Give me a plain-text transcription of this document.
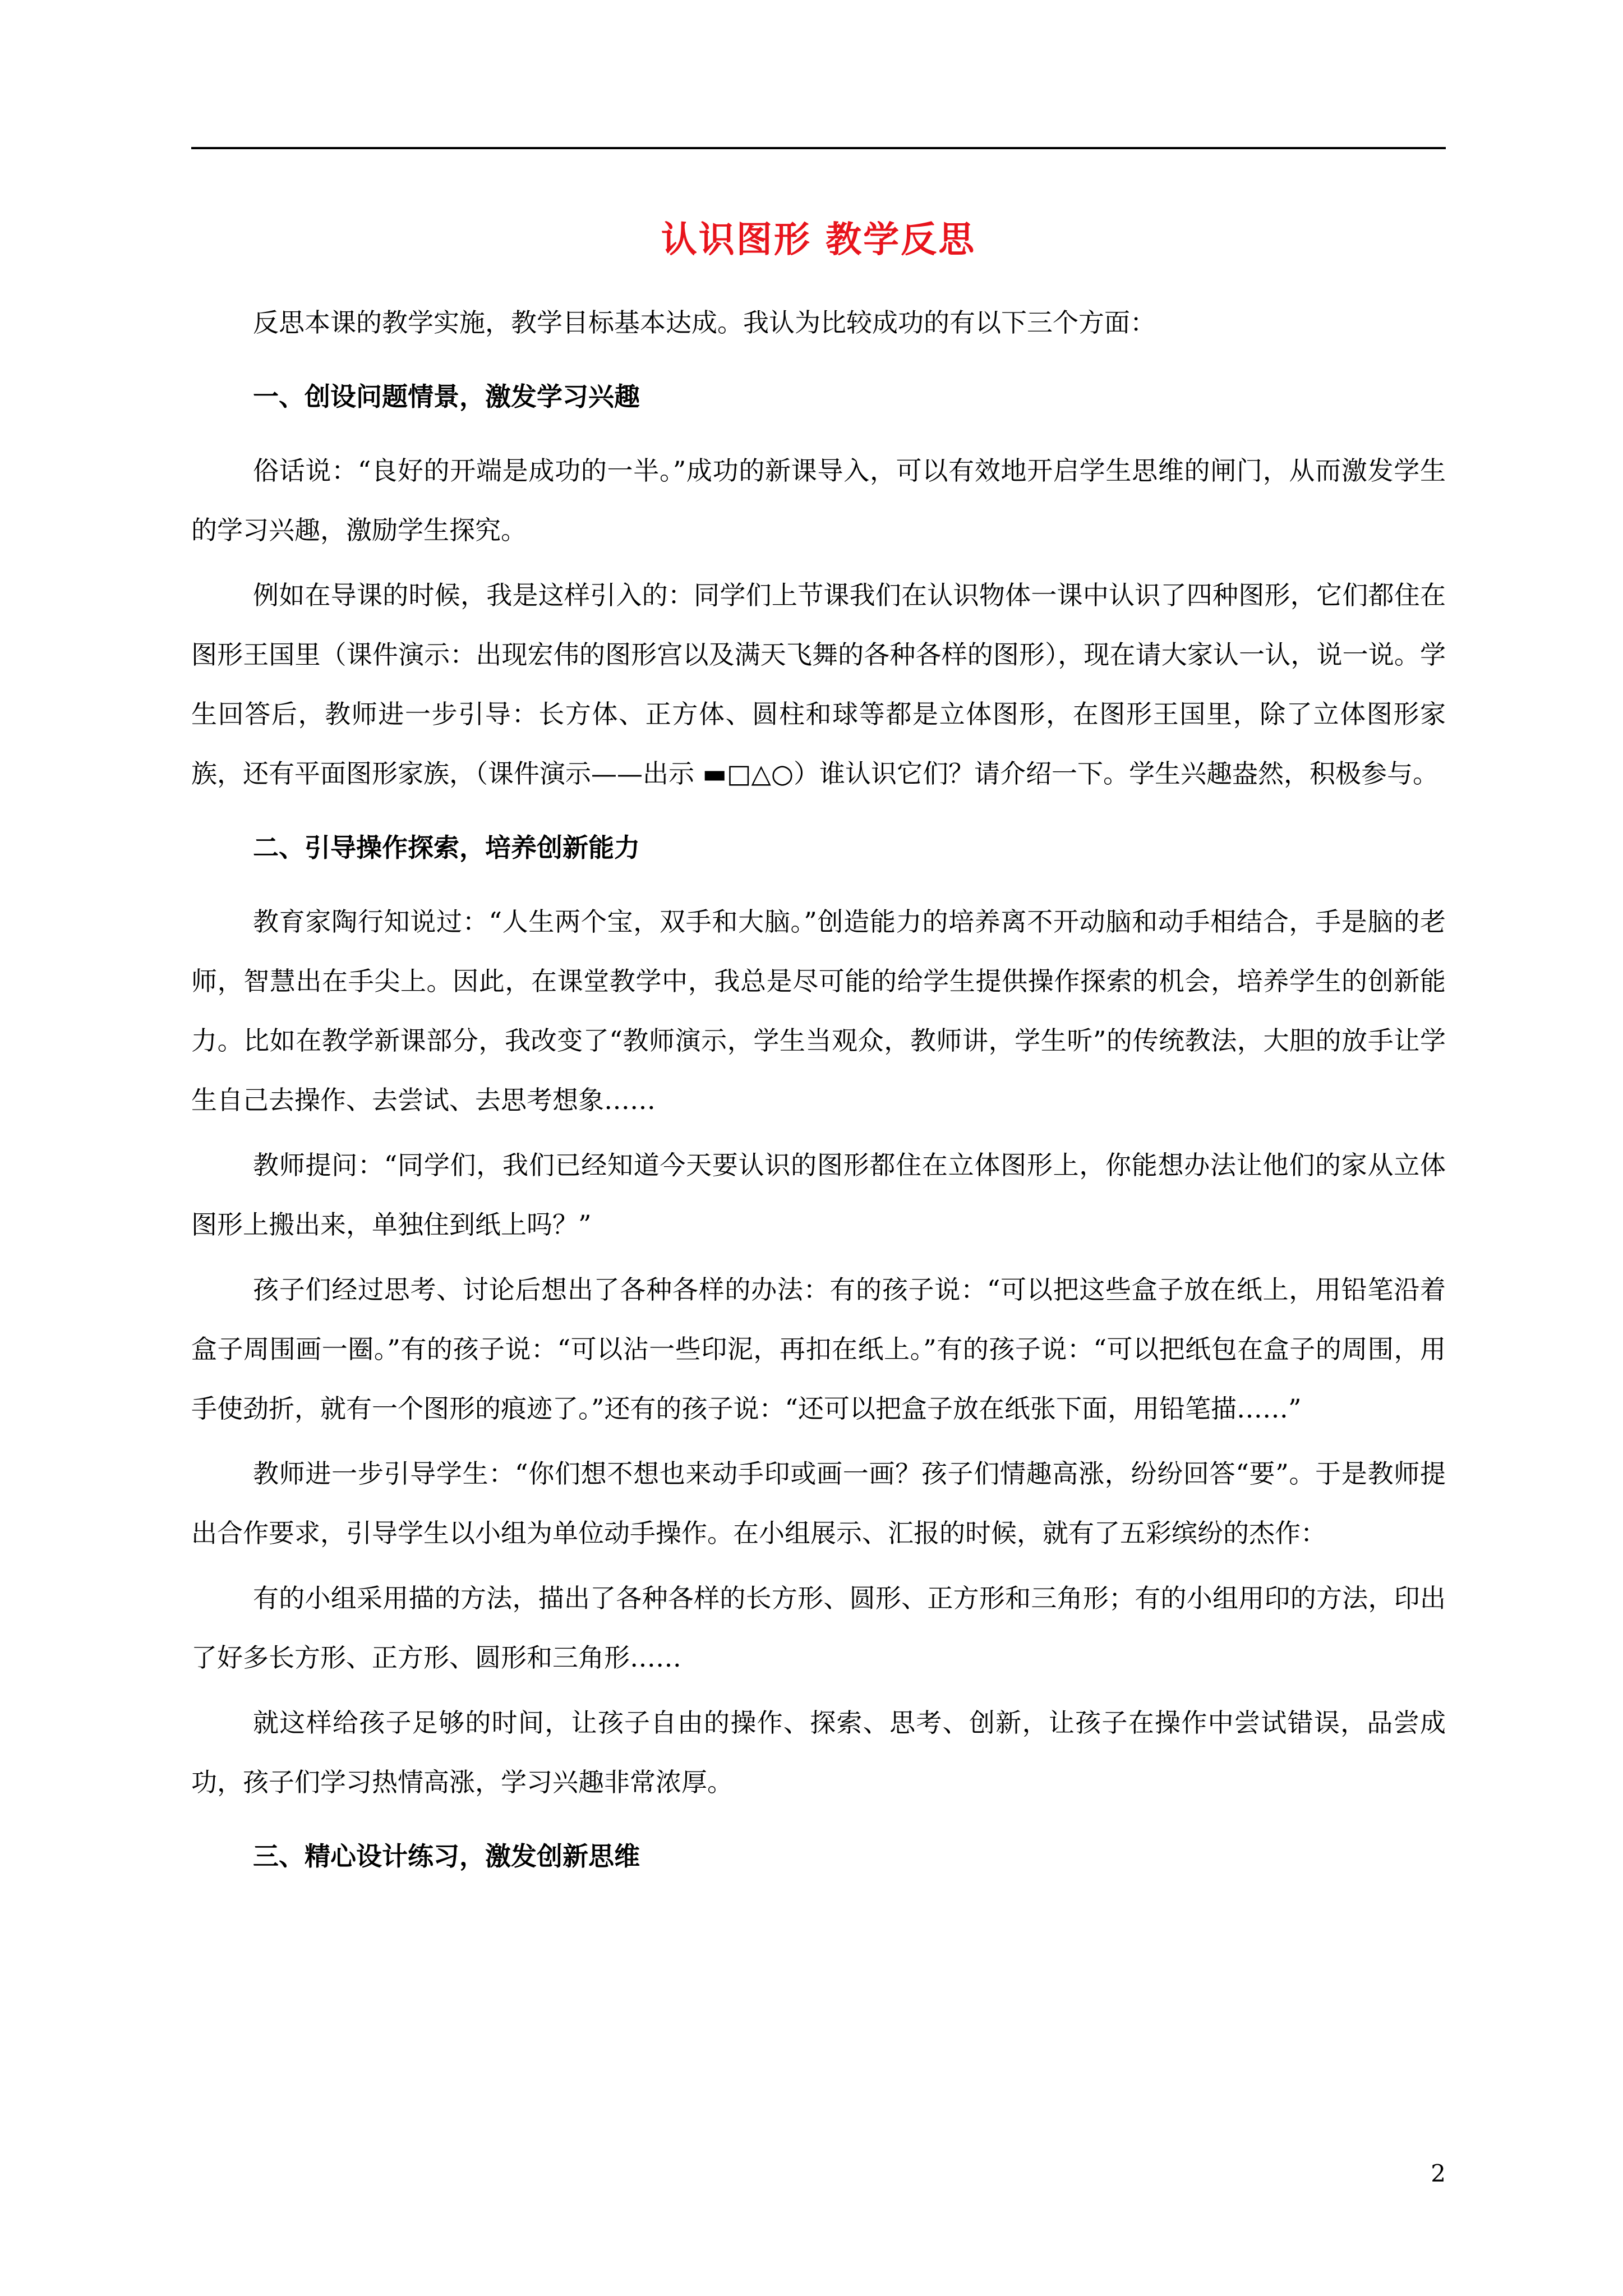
认识图形 教学反思

反思本课的教学实施，教学目标基本达成。我认为比较成功的有以下三个方面：

一、创设问题情景，激发学习兴趣

俗话说：“良好的开端是成功的一半。”成功的新课导入，可以有效地开启学生思维的闸门，从而激发学生的学习兴趣，激励学生探究。

例如在导课的时候，我是这样引入的：同学们上节课我们在认识物体一课中认识了四种图形，它们都住在图形王国里（课件演示：出现宏伟的图形宫以及满天飞舞的各种各样的图形），现在请大家认一认，说一说。学生回答后，教师进一步引导：长方体、正方体、圆柱和球等都是立体图形，在图形王国里，除了立体图形家族，还有平面图形家族，（课件演示——出示 ▬□△○）谁认识它们？请介绍一下。学生兴趣盎然，积极参与。

二、引导操作探索，培养创新能力

教育家陶行知说过：“人生两个宝，双手和大脑。”创造能力的培养离不开动脑和动手相结合，手是脑的老师，智慧出在手尖上。因此，在课堂教学中，我总是尽可能的给学生提供操作探索的机会，培养学生的创新能力。比如在教学新课部分，我改变了“教师演示，学生当观众，教师讲，学生听”的传统教法，大胆的放手让学生自己去操作、去尝试、去思考想象……

教师提问：“同学们，我们已经知道今天要认识的图形都住在立体图形上，你能想办法让他们的家从立体图形上搬出来，单独住到纸上吗？”

孩子们经过思考、讨论后想出了各种各样的办法：有的孩子说：“可以把这些盒子放在纸上，用铅笔沿着盒子周围画一圈。”有的孩子说：“可以沾一些印泥，再扣在纸上。”有的孩子说：“可以把纸包在盒子的周围，用手使劲折，就有一个图形的痕迹了。”还有的孩子说：“还可以把盒子放在纸张下面，用铅笔描……”

教师进一步引导学生：“你们想不想也来动手印或画一画？孩子们情趣高涨，纷纷回答“要”。于是教师提出合作要求，引导学生以小组为单位动手操作。在小组展示、汇报的时候，就有了五彩缤纷的杰作：

有的小组采用描的方法，描出了各种各样的长方形、圆形、正方形和三角形；有的小组用印的方法，印出了好多长方形、正方形、圆形和三角形……

就这样给孩子足够的时间，让孩子自由的操作、探索、思考、创新，让孩子在操作中尝试错误，品尝成功，孩子们学习热情高涨，学习兴趣非常浓厚。

三、精心设计练习，激发创新思维

2
